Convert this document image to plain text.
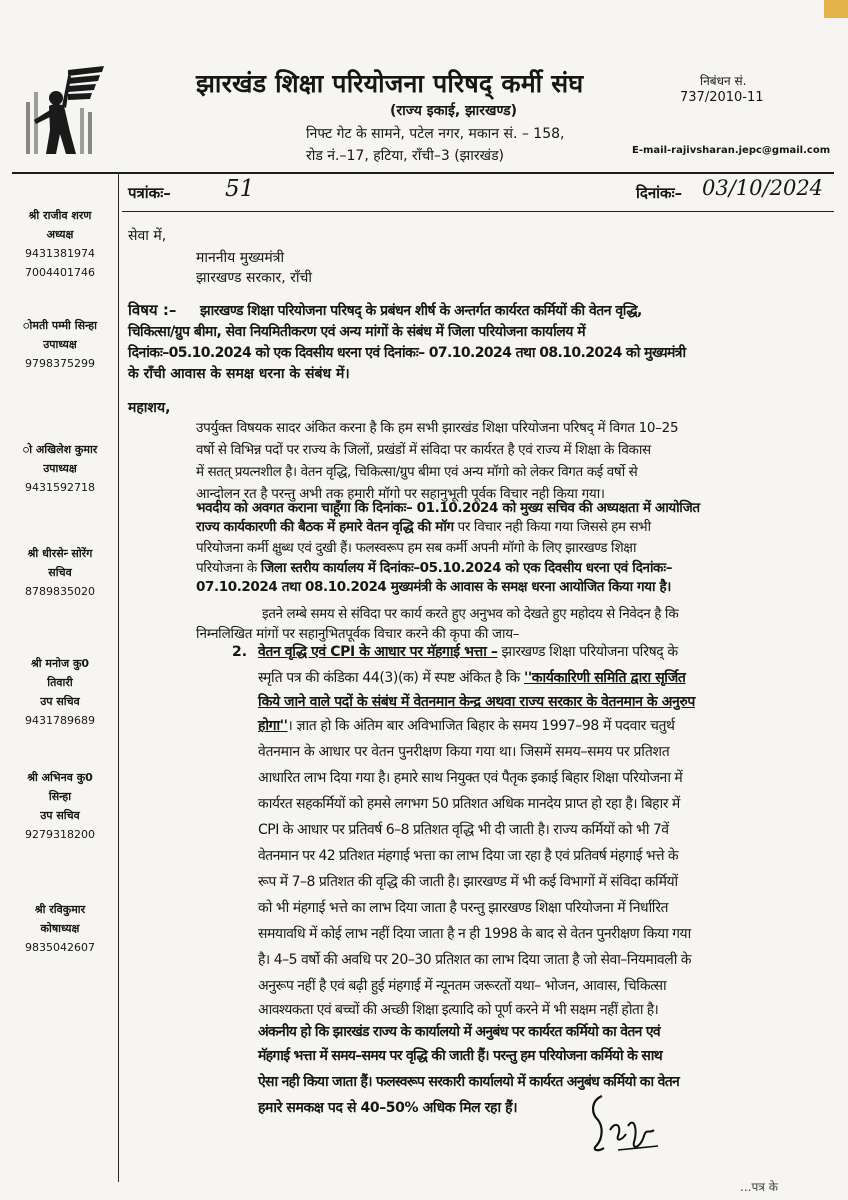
झारखंड शिक्षा परियोजना परिषद् कर्मी संघ
(राज्य इकाई, झारखण्ड)
निफ्ट गेट के सामने, पटेल नगर, मकान सं. – 158,
रोड नं.–17, हटिया, राँची–3 (झारखंड)
निबंधन सं.
737/2010-11
E-mail-rajivsharan.jepc@gmail.com
श्री राजीव शरण
अध्यक्ष
9431381974
7004401746
ोमती पम्मी सिन्हा
उपाध्यक्ष
9798375299
ो अखिलेश कुमार
उपाध्यक्ष
9431592718
श्री धीरसेन्‍ सोरेंग
सचिव
8789835020
श्री मनोज कु0
तिवारी
उप सचिव
9431789689
श्री अभिनव कु0
सिन्हा
उप सचिव
9279318200
श्री रविकुमार
कोषाध्यक्ष
9835042607
पत्रांकः– 51	दिनांकः– 03/10/2024
सेवा में,
माननीय मुख्यमंत्री
झारखण्ड सरकार, राँची
विषय :– झारखण्ड शिक्षा परियोजना परिषद् के प्रबंधन शीर्ष के अन्तर्गत कार्यरत कर्मियों की वेतन वृद्धि,
चिकित्सा/ग्रुप बीमा, सेवा नियमितीकरण एवं अन्य मांगों के संबंध में जिला परियोजना कार्यालय में
दिनांकः–05.10.2024 को एक दिवसीय धरना एवं दिनांकः– 07.10.2024 तथा 08.10.2024 को मुख्यमंत्री
के राँची आवास के समक्ष धरना के संबंध में।
महाशय,
उपर्युक्त विषयक सादर अंकित करना है कि हम सभी झारखंड शिक्षा परियोजना परिषद् में विगत 10–25
वर्षो से विभिन्न पदों पर राज्य के जिलों, प्रखंडों में संविदा पर कार्यरत है एवं राज्य में शिक्षा के विकास
में सतत् प्रयत्नशील है। वेतन वृद्धि, चिकित्सा/ग्रुप बीमा एवं अन्य मॉगो को लेकर विगत कई वर्षो से
आन्दोलन रत है परन्तु अभी तक हमारी मॉगो पर सहानुभूती पूर्वक विचार नही किया गया।
भवदीय को अवगत कराना चाहूँगा कि दिनांकः– 01.10.2024 को मुख्य सचिव की अध्यक्षता में आयोजित
राज्य कार्यकारणी की बैठक में हमारे वेतन वृद्धि की मॉग पर विचार नही किया गया जिससे हम सभी
परियोजना कर्मी क्षुब्ध एवं दुखी हैं। फलस्वरूप हम सब कर्मी अपनी मॉगो के लिए झारखण्ड शिक्षा
परियोजना के जिला स्तरीय कार्यालय में दिनांकः–05.10.2024 को एक दिवसीय धरना एवं दिनांकः–
07.10.2024 तथा 08.10.2024 मुख्यमंत्री के आवास के समक्ष धरना आयोजित किया गया है।
इतने लम्बे समय से संविदा पर कार्य करते हुए अनुभव को देखते हुए महोदय से निवेदन है कि
निम्नलिखित मांगों पर सहानुभितपूर्वक विचार करने की कृपा की जाय–
2. वेतन वृद्धि एवं CPI के आधार पर मॅहगाई भत्ता – झारखण्ड शिक्षा परियोजना परिषद् के
स्मृति पत्र की कंडिका 44(3)(क) में स्पष्ट अंकित है कि ''कार्यकारिणी समिति द्वारा सृर्जित
किये जाने वाले पदों के संबंध में वेतनमान केन्द्र अथवा राज्य सरकार के वेतनमान के अनुरुप
होगा''। ज्ञात हो कि अंतिम बार अविभाजित बिहार के समय 1997–98 में पदवार चतुर्थ
वेतनमान के आधार पर वेतन पुनरीक्षण किया गया था। जिसमें समय–समय पर प्रतिशत
आधारित लाभ दिया गया है। हमारे साथ नियुक्त एवं पैतृक इकाई बिहार शिक्षा परियोजना में
कार्यरत सहकर्मियों को हमसे लगभग 50 प्रतिशत अधिक मानदेय प्राप्त हो रहा है। बिहार में
CPI के आधार पर प्रतिवर्ष 6–8 प्रतिशत वृद्धि भी दी जाती है। राज्य कर्मियों को भी 7वें
वेतनमान पर 42 प्रतिशत मंहगाई भत्ता का लाभ दिया जा रहा है एवं प्रतिवर्ष मंहगाई भत्ते के
रूप में 7–8 प्रतिशत की वृद्धि की जाती है। झारखण्ड में भी कई विभागों में संविदा कर्मियों
को भी मंहगाई भत्ते का लाभ दिया जाता है परन्तु झारखण्ड शिक्षा परियोजना में निर्धारित
समयावधि में कोई लाभ नहीं दिया जाता है न ही 1998 के बाद से वेतन पुनरीक्षण किया गया
है। 4–5 वर्षो की अवधि पर 20–30 प्रतिशत का लाभ दिया जाता है जो सेवा–नियमावली के
अनुरूप नहीं है एवं बढ़ी हुई मंहगाई में न्यूनतम जरूरतों यथा– भोजन, आवास, चिकित्सा
आवश्यकता एवं बच्चों की अच्छी शिक्षा इत्यादि को पूर्ण करने में भी सक्षम नहीं होता है।
अंकनीय हो कि झारखंड राज्य के कार्यालयो में अनुबंध पर कार्यरत कर्मियो का वेतन एवं
मॅहगाई भत्ता में समय–समय पर वृद्धि की जाती हैं। परन्तु हम परियोजना कर्मियो के साथ
ऐसा नही किया जाता हैं। फलस्वरूप सरकारी कार्यालयो में कार्यरत अनुबंध कर्मियो का वेतन
हमारे समकक्ष पद से 40–50% अधिक मिल रहा हैं।
...पत्र के
